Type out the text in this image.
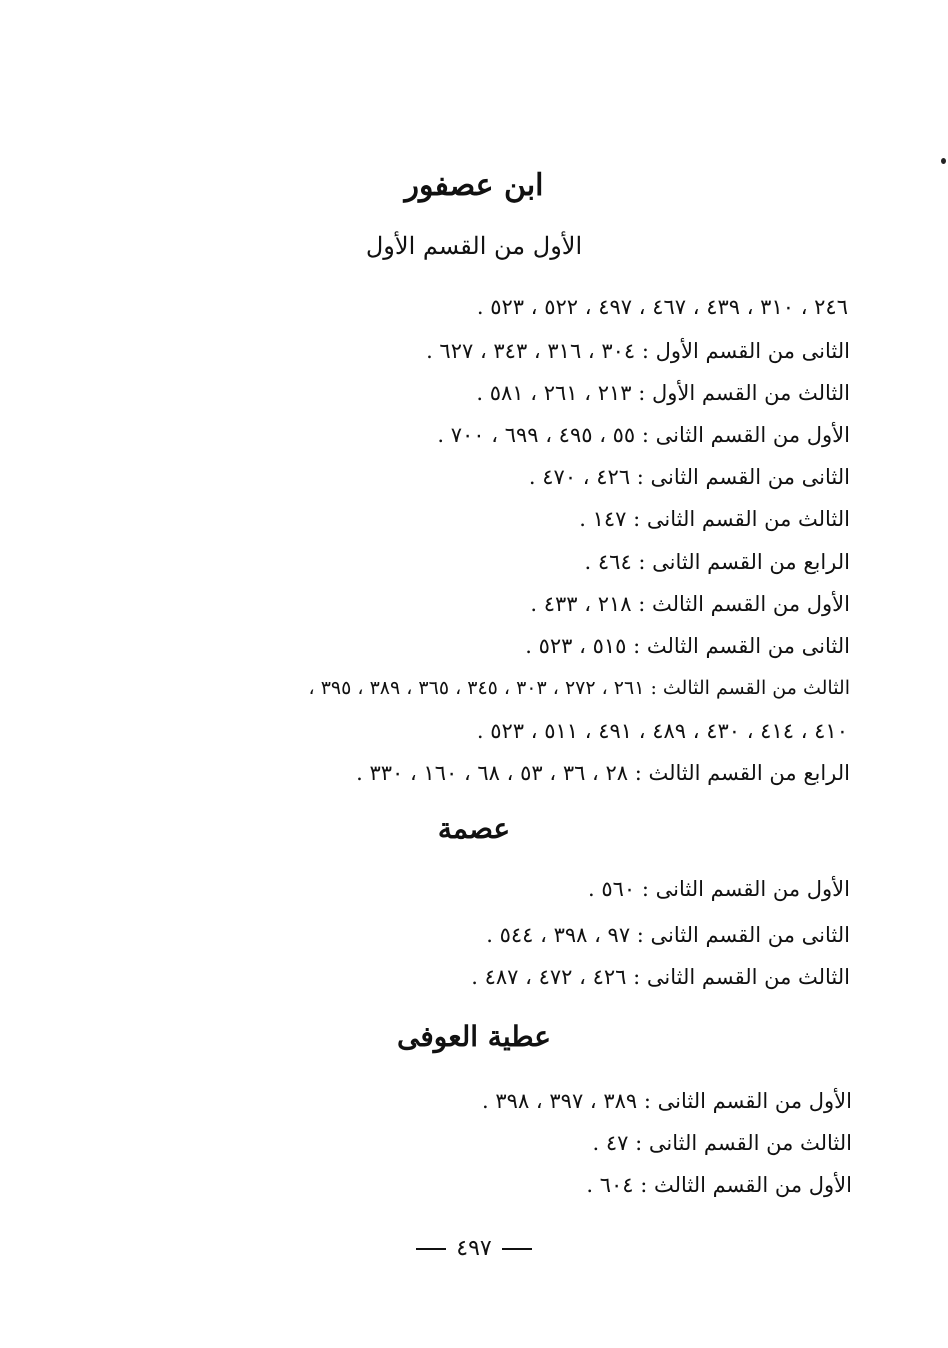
ابن عصفور
الأول من القسم الأول
٢٤٦ ، ٣١٠ ، ٤٣٩ ، ٤٦٧ ، ٤٩٧ ، ٥٢٢ ، ٥٢٣ .
الثانى من القسم الأول : ٣٠٤ ، ٣١٦ ، ٣٤٣ ، ٦٢٧ .
الثالث من القسم الأول : ٢١٣ ، ٢٦١ ، ٥٨١ .
الأول من القسم الثانى : ٥٥ ، ٤٩٥ ، ٦٩٩ ، ٧٠٠ .
الثانى من القسم الثانى : ٤٢٦ ، ٤٧٠ .
الثالث من القسم الثانى : ١٤٧ .
الرابع من القسم الثانى : ٤٦٤ .
الأول من القسم الثالث : ٢١٨ ، ٤٣٣ .
الثانى من القسم الثالث : ٥١٥ ، ٥٢٣ .
الثالث من القسم الثالث : ٢٦١ ، ٢٧٢ ، ٣٠٣ ، ٣٤٥ ، ٣٦٥ ، ٣٨٩ ، ٣٩٥ ،
٤١٠ ، ٤١٤ ، ٤٣٠ ، ٤٨٩ ، ٤٩١ ، ٥١١ ، ٥٢٣ .
الرابع من القسم الثالث : ٢٨ ، ٣٦ ، ٥٣ ، ٦٨ ، ١٦٠ ، ٣٣٠ .
عصمة
الأول من القسم الثانى : ٥٦٠ .
الثانى من القسم الثانى : ٩٧ ، ٣٩٨ ، ٥٤٤ .
الثالث من القسم الثانى : ٤٢٦ ، ٤٧٢ ، ٤٨٧ .
عطية العوفى
الأول من القسم الثانى : ٣٨٩ ، ٣٩٧ ، ٣٩٨ .
الثالث من القسم الثانى : ٤٧ .
الأول من القسم الثالث : ٦٠٤ .
٤٩٧
